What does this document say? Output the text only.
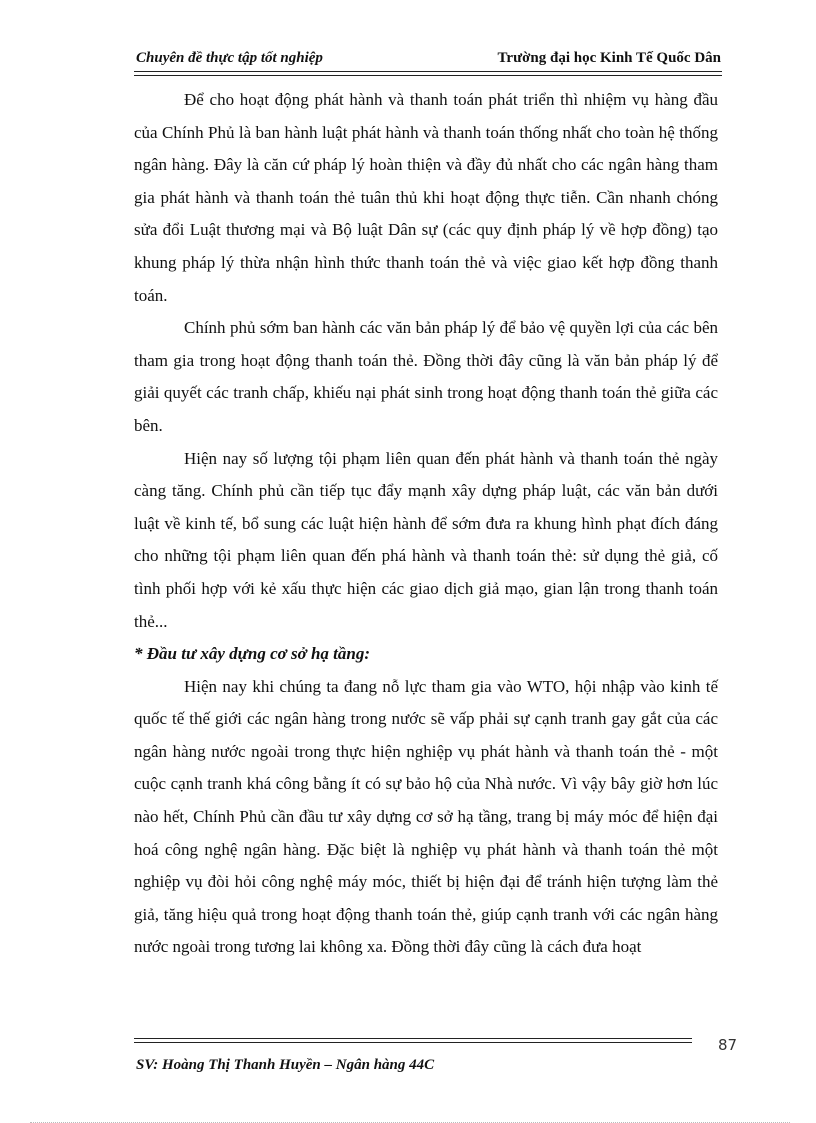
Chuyên đề thực tập tốt nghiệp	Trường đại học Kinh Tế Quốc Dân

Để cho hoạt động phát hành và thanh toán phát triển thì nhiệm vụ hàng đầu của Chính Phủ là ban hành luật phát hành và thanh toán thống nhất cho toàn hệ thống ngân hàng. Đây là căn cứ pháp lý hoàn thiện và đầy đủ nhất cho các ngân hàng tham gia phát hành và thanh toán thẻ tuân thủ khi hoạt động thực tiễn. Cần nhanh chóng sửa đổi Luật thương mại và Bộ luật Dân sự (các quy định pháp lý về hợp đồng) tạo khung pháp lý thừa nhận hình thức thanh toán thẻ và việc giao kết hợp đồng thanh toán.

Chính phủ sớm ban hành các văn bản pháp lý để bảo vệ quyền lợi của các bên tham gia trong hoạt động thanh toán thẻ. Đồng thời đây cũng là văn bản pháp lý để giải quyết các tranh chấp, khiếu nại phát sinh trong hoạt động thanh toán thẻ giữa các bên.

Hiện nay số lượng tội phạm liên quan đến phát hành và thanh toán thẻ ngày càng tăng. Chính phủ cần tiếp tục đẩy mạnh xây dựng pháp luật, các văn bản dưới luật về kinh tế, bổ sung các luật hiện hành để sớm đưa ra khung hình phạt đích đáng cho những tội phạm liên quan đến phá hành và thanh toán thẻ: sử dụng thẻ giả, cố tình phối hợp với kẻ xấu thực hiện các giao dịch giả mạo, gian lận trong thanh toán thẻ...

* Đầu tư xây dựng cơ sở hạ tầng:

Hiện nay khi chúng ta đang nỗ lực tham gia vào WTO, hội nhập vào kinh tế quốc tế thế giới các ngân hàng trong nước sẽ vấp phải sự cạnh tranh gay gắt của các ngân hàng nước ngoài trong thực hiện nghiệp vụ phát hành và thanh toán thẻ - một cuộc cạnh tranh khá công bằng ít có sự bảo hộ của Nhà nước. Vì vậy bây giờ hơn lúc nào hết, Chính Phủ cần đầu tư xây dựng cơ sở hạ tầng, trang bị máy móc để hiện đại hoá công nghệ ngân hàng. Đặc biệt là nghiệp vụ phát hành và thanh toán thẻ một nghiệp vụ đòi hỏi công nghệ máy móc, thiết bị hiện đại để tránh hiện tượng làm thẻ giả, tăng hiệu quả trong hoạt động thanh toán thẻ, giúp cạnh tranh với các ngân hàng nước ngoài trong tương lai không xa. Đồng thời đây cũng là cách đưa hoạt

87
SV: Hoàng Thị Thanh Huyền – Ngân hàng 44C
